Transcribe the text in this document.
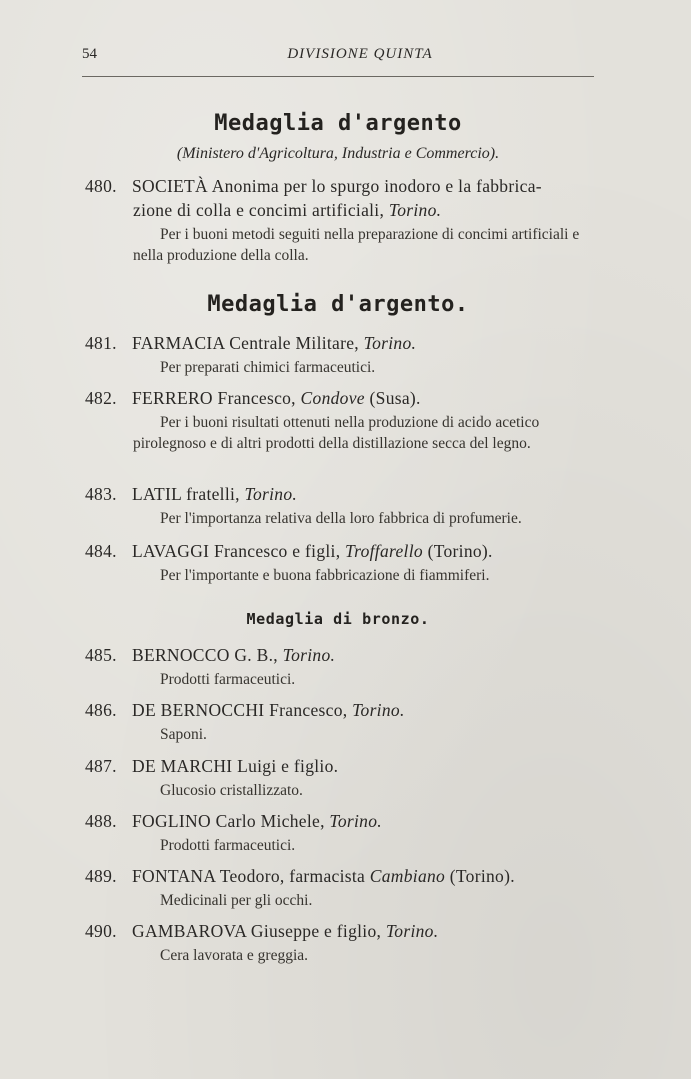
54	DIVISIONE QUINTA
Medaglia d'argento
(Ministero d'Agricoltura, Industria e Commercio).
480. SOCIETÀ Anonima per lo spurgo inodoro e la fabbrica-
zione di colla e concimi artificiali, Torino.
Per i buoni metodi seguiti nella preparazione di concimi artificiali e nella produzione della colla.
Medaglia d'argento.
481. FARMACIA Centrale Militare, Torino.
Per preparati chimici farmaceutici.
482. FERRERO Francesco, Condove (Susa).
Per i buoni risultati ottenuti nella produzione di acido acetico pirolegnoso e di altri prodotti della distillazione secca del legno.
483. LATIL fratelli, Torino.
Per l'importanza relativa della loro fabbrica di profumerie.
484. LAVAGGI Francesco e figli, Troffarello (Torino).
Per l'importante e buona fabbricazione di fiammiferi.
Medaglia di bronzo.
485. BERNOCCO G. B., Torino.
Prodotti farmaceutici.
486. DE BERNOCCHI Francesco, Torino.
Saponi.
487. DE MARCHI Luigi e figlio.
Glucosio cristallizzato.
488. FOGLINO Carlo Michele, Torino.
Prodotti farmaceutici.
489. FONTANA Teodoro, farmacista Cambiano (Torino).
Medicinali per gli occhi.
490. GAMBAROVA Giuseppe e figlio, Torino.
Cera lavorata e greggia.
